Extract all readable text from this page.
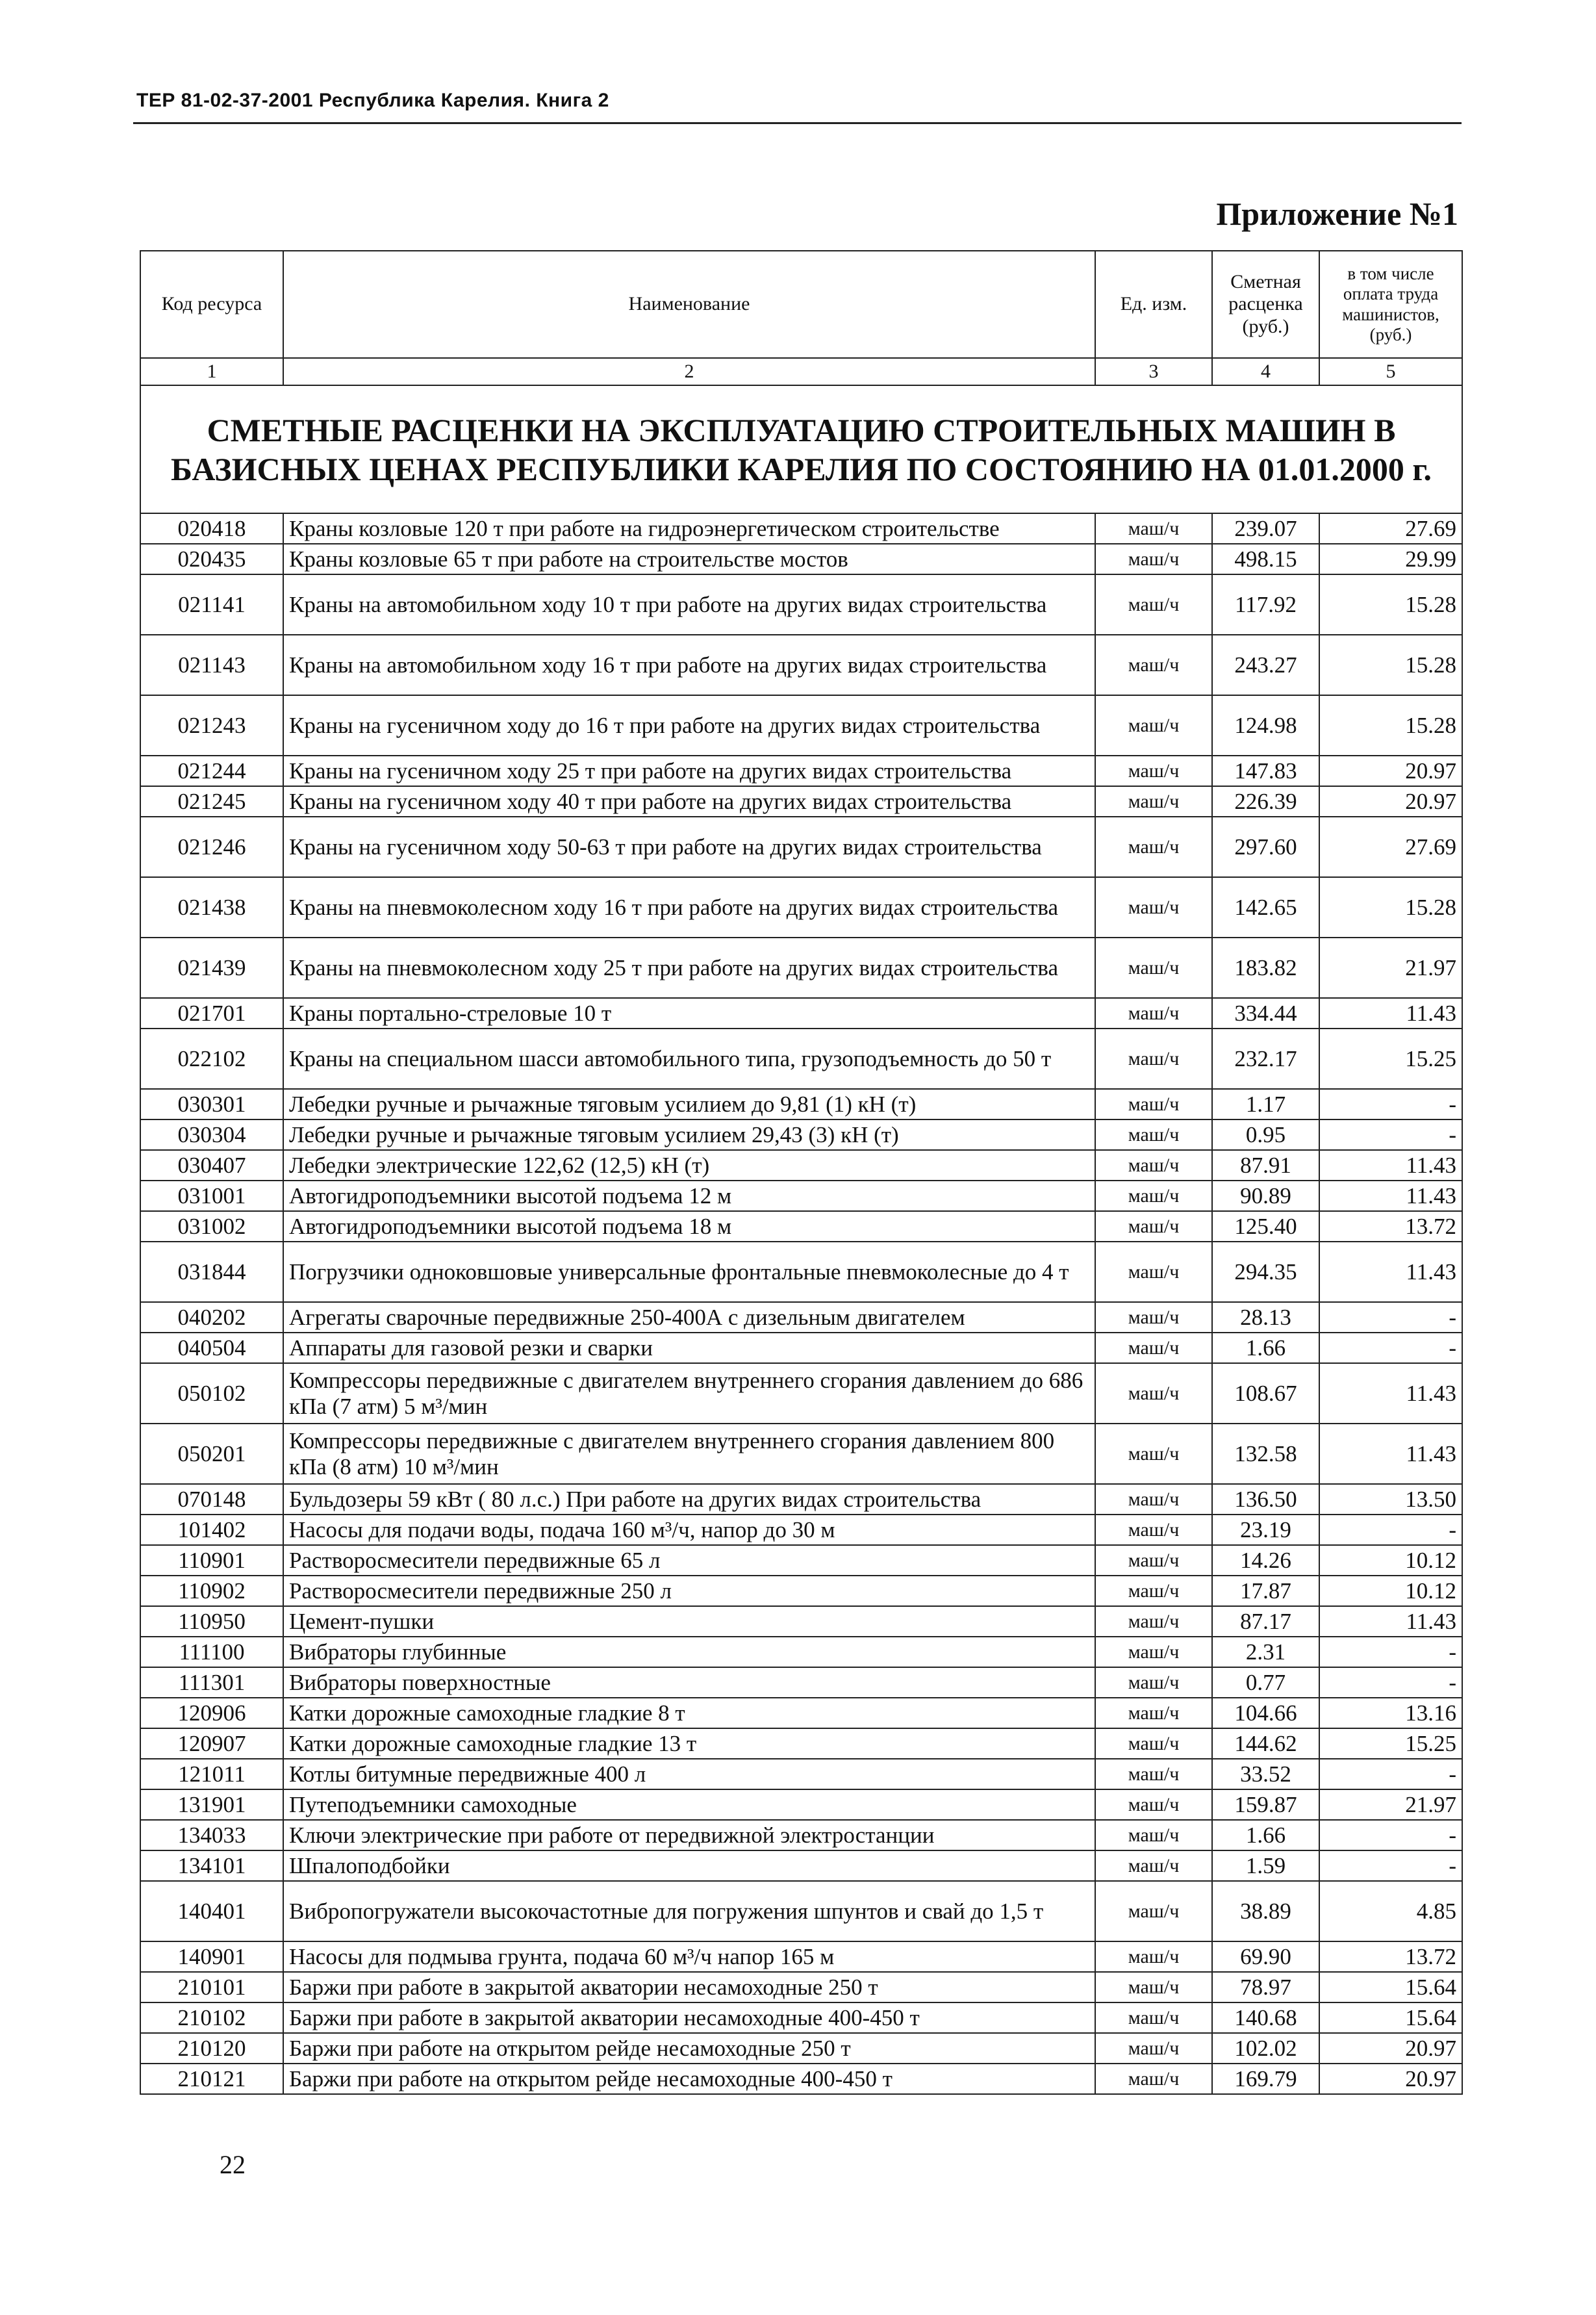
ТЕР 81-02-37-2001 Республика Карелия. Книга 2
Приложение №1
Код ресурса	Наименование	Ед. изм.	Сметная расценка (руб.)	в том числе оплата труда машинистов, (руб.)
1	2	3	4	5
СМЕТНЫЕ РАСЦЕНКИ НА ЭКСПЛУАТАЦИЮ СТРОИТЕЛЬНЫХ МАШИН В БАЗИСНЫХ ЦЕНАХ РЕСПУБЛИКИ КАРЕЛИЯ ПО СОСТОЯНИЮ НА 01.01.2000 г.				
020418	Краны козловые 120 т при работе на гидроэнергетическом строительстве	маш/ч	239.07	27.69
020435	Краны козловые 65 т при работе на строительстве мостов	маш/ч	498.15	29.99
021141	Краны на автомобильном ходу 10 т при работе на других видах строительства	маш/ч	117.92	15.28
021143	Краны на автомобильном ходу 16 т при работе на других видах строительства	маш/ч	243.27	15.28
021243	Краны на гусеничном ходу до 16 т при работе на других видах строительства	маш/ч	124.98	15.28
021244	Краны на гусеничном ходу 25 т при работе на других видах строительства	маш/ч	147.83	20.97
021245	Краны на гусеничном ходу 40 т при работе на других видах строительства	маш/ч	226.39	20.97
021246	Краны на гусеничном ходу 50-63 т при работе на других видах строительства	маш/ч	297.60	27.69
021438	Краны на пневмоколесном ходу 16 т при работе на других видах строительства	маш/ч	142.65	15.28
021439	Краны на пневмоколесном ходу 25 т при работе на других видах строительства	маш/ч	183.82	21.97
021701	Краны портально-стреловые 10 т	маш/ч	334.44	11.43
022102	Краны на специальном шасси автомобильного типа, грузоподъемность до 50 т	маш/ч	232.17	15.25
030301	Лебедки ручные и рычажные тяговым усилием до 9,81 (1) кН (т)	маш/ч	1.17	-
030304	Лебедки ручные и рычажные тяговым усилием 29,43 (3) кН (т)	маш/ч	0.95	-
030407	Лебедки электрические 122,62 (12,5) кН (т)	маш/ч	87.91	11.43
031001	Автогидроподъемники высотой подъема 12 м	маш/ч	90.89	11.43
031002	Автогидроподъемники высотой подъема 18 м	маш/ч	125.40	13.72
031844	Погрузчики одноковшовые универсальные фронтальные пневмоколесные до 4 т	маш/ч	294.35	11.43
040202	Агрегаты сварочные передвижные 250-400А с дизельным двигателем	маш/ч	28.13	-
040504	Аппараты для газовой резки и сварки	маш/ч	1.66	-
050102	Компрессоры передвижные с двигателем внутреннего сгорания давлением до 686 кПа (7 атм) 5 м³/мин	маш/ч	108.67	11.43
050201	Компрессоры передвижные с двигателем внутреннего сгорания давлением 800 кПа (8 атм) 10 м³/мин	маш/ч	132.58	11.43
070148	Бульдозеры 59 кВт ( 80 л.с.) При работе на других видах строительства	маш/ч	136.50	13.50
101402	Насосы для подачи воды, подача 160 м³/ч, напор до 30 м	маш/ч	23.19	-
110901	Растворосмесители передвижные 65 л	маш/ч	14.26	10.12
110902	Растворосмесители передвижные 250 л	маш/ч	17.87	10.12
110950	Цемент-пушки	маш/ч	87.17	11.43
111100	Вибраторы глубинные	маш/ч	2.31	-
111301	Вибраторы поверхностные	маш/ч	0.77	-
120906	Катки дорожные самоходные гладкие 8 т	маш/ч	104.66	13.16
120907	Катки дорожные самоходные гладкие 13 т	маш/ч	144.62	15.25
121011	Котлы битумные передвижные 400 л	маш/ч	33.52	-
131901	Путеподъемники самоходные	маш/ч	159.87	21.97
134033	Ключи электрические при работе от передвижной электростанции	маш/ч	1.66	-
134101	Шпалоподбойки	маш/ч	1.59	-
140401	Вибропогружатели высокочастотные для погружения шпунтов и свай до 1,5 т	маш/ч	38.89	4.85
140901	Насосы для подмыва грунта, подача 60 м³/ч напор 165 м	маш/ч	69.90	13.72
210101	Баржи при работе в закрытой акватории несамоходные 250 т	маш/ч	78.97	15.64
210102	Баржи при работе в закрытой акватории несамоходные 400-450 т	маш/ч	140.68	15.64
210120	Баржи при работе на открытом рейде несамоходные 250 т	маш/ч	102.02	20.97
210121	Баржи при работе на открытом рейде несамоходные 400-450 т	маш/ч	169.79	20.97
22
